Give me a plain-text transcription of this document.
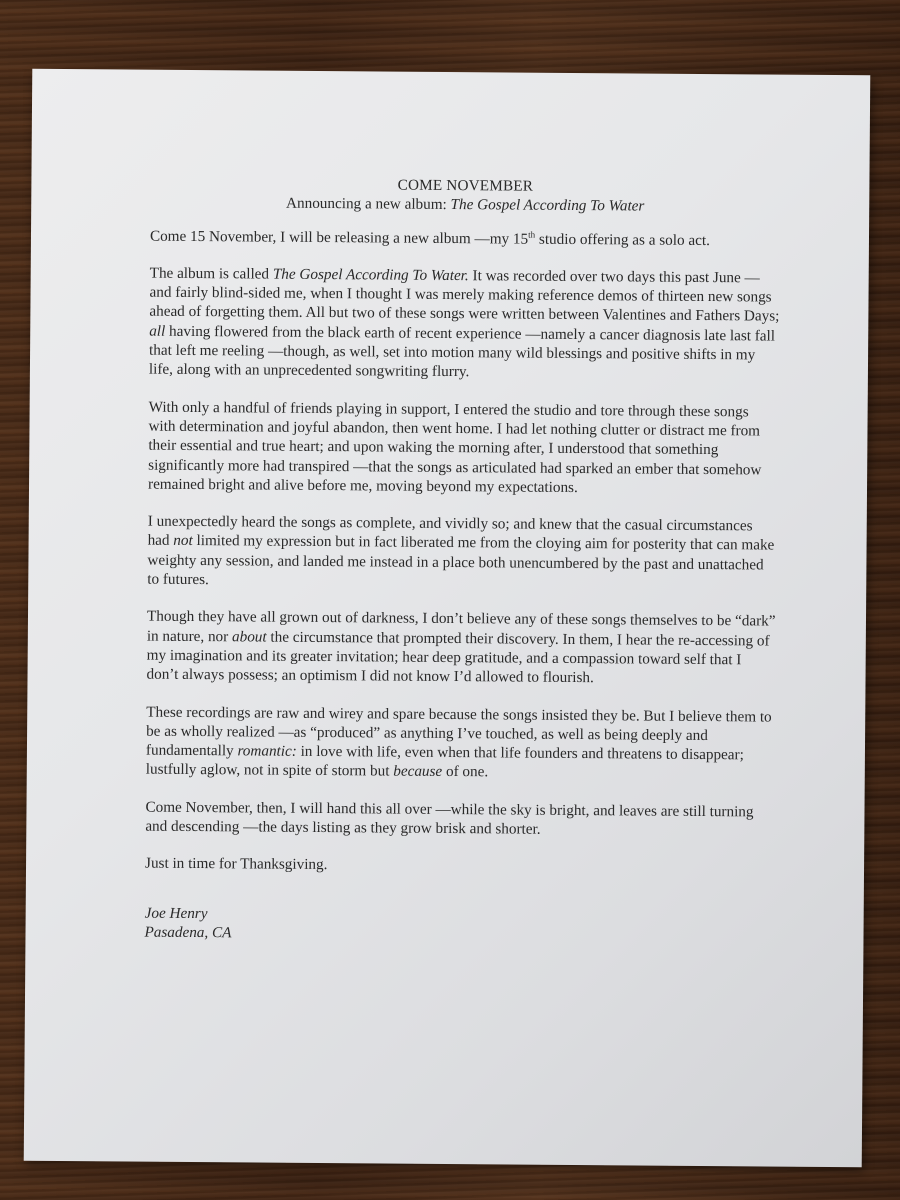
COME NOVEMBER

Announcing a new album: The Gospel According To Water

Come 15 November, I will be releasing a new album —my 15th studio offering as a solo act.

The album is called The Gospel According To Water. It was recorded over two days this past June —and fairly blind-sided me, when I thought I was merely making reference demos of thirteen new songs ahead of forgetting them. All but two of these songs were written between Valentines and Fathers Days; all having flowered from the black earth of recent experience —namely a cancer diagnosis late last fall that left me reeling —though, as well, set into motion many wild blessings and positive shifts in my life, along with an unprecedented songwriting flurry.

With only a handful of friends playing in support, I entered the studio and tore through these songs with determination and joyful abandon, then went home. I had let nothing clutter or distract me from their essential and true heart; and upon waking the morning after, I understood that something significantly more had transpired —that the songs as articulated had sparked an ember that somehow remained bright and alive before me, moving beyond my expectations.

I unexpectedly heard the songs as complete, and vividly so; and knew that the casual circumstances had not limited my expression but in fact liberated me from the cloying aim for posterity that can make weighty any session, and landed me instead in a place both unencumbered by the past and unattached to futures.

Though they have all grown out of darkness, I don’t believe any of these songs themselves to be “dark” in nature, nor about the circumstance that prompted their discovery. In them, I hear the re-accessing of my imagination and its greater invitation; hear deep gratitude, and a compassion toward self that I don’t always possess; an optimism I did not know I’d allowed to flourish.

These recordings are raw and wirey and spare because the songs insisted they be. But I believe them to be as wholly realized —as “produced” as anything I’ve touched, as well as being deeply and fundamentally romantic: in love with life, even when that life founders and threatens to disappear; lustfully aglow, not in spite of storm but because of one.

Come November, then, I will hand this all over —while the sky is bright, and leaves are still turning and descending —the days listing as they grow brisk and shorter.

Just in time for Thanksgiving.

Joe Henry
Pasadena, CA
